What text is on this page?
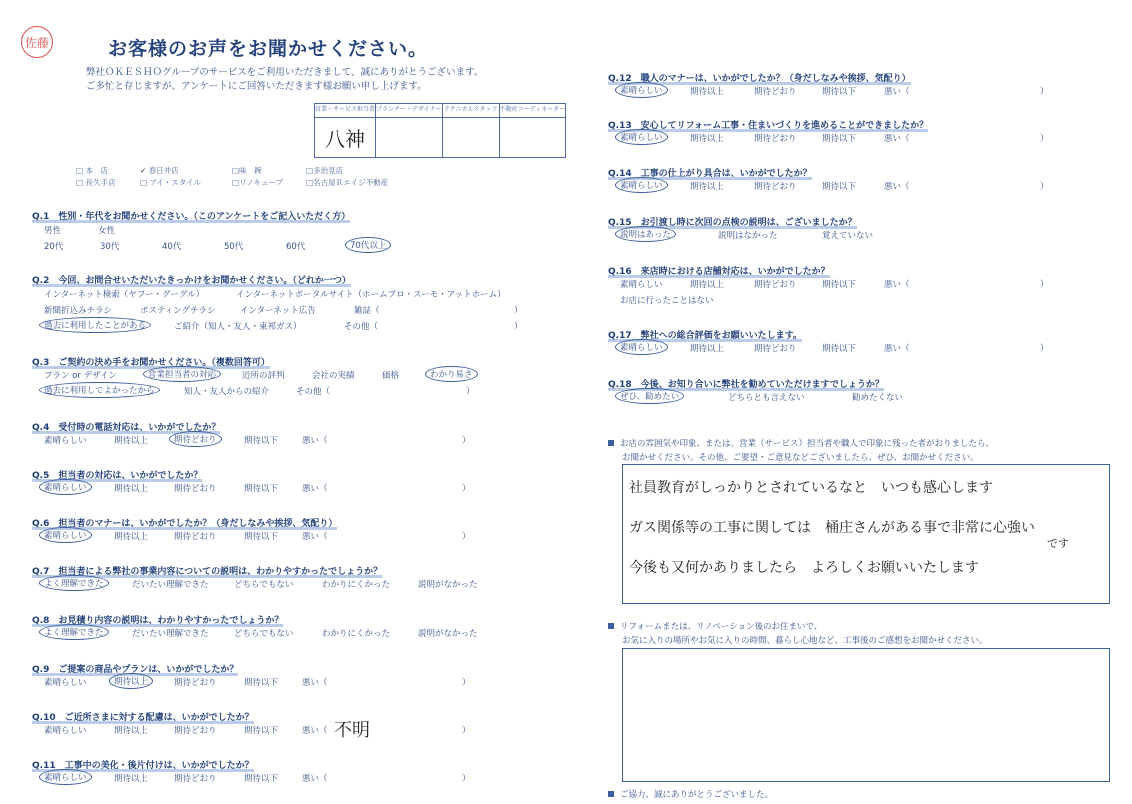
佐藤	お客様のお声をお聞かせください。
弊社ＯＫＥＳＨＯグループのサービスをご利用いただきまして、誠にありがとうございます。
ご多忙と存じますが、アンケートにご回答いただきます様お願い申し上げます。
営業・サービス担当者	プランナー・デザイナー	テクニカルスタッフ	不動産コーディネーター
八神			
□ 本　店	✓ 春日井店	□味　鋺	□多治見店
□ 長久手店	□ アイ・スタイル	□リノキューブ	□名古屋Ｒエイジ不動産
Q.1　性別・年代をお聞かせください。（このアンケートをご記入いただく方）
男性	女性
20代	30代	40代	50代	60代	70代以上
Q.2　今回、お問合せいただいたきっかけをお聞かせください。（どれか一つ）
インターネット検索（ヤフー・グーグル）	インターネットポータルサイト（ホームプロ・スーモ・アットホーム）
新聞折込みチラシ	ポスティングチラシ	インターネット広告	雑誌（	）
過去に利用したことがある	ご紹介（知人・友人・東邦ガス）	その他（	）
Q.3　ご契約の決め手をお聞かせください。（複数回答可）
プラン or デザイン	営業担当者の対応	近所の評判	会社の実績	価格	わかり易さ
過去に利用してよかったから	知人・友人からの紹介	その他（	）
Q.4　受付時の電話対応は、いかがでしたか？
素晴らしい	期待以上	期待どおり	期待以下	悪い（	）
Q.5　担当者の対応は、いかがでしたか？
素晴らしい	期待以上	期待どおり	期待以下	悪い（	）
Q.6　担当者のマナーは、いかがでしたか？（身だしなみや挨拶、気配り）
素晴らしい	期待以上	期待どおり	期待以下	悪い（	）
Q.7　担当者による弊社の事業内容についての説明は、わかりやすかったでしょうか？
よく理解できた	だいたい理解できた	どちらでもない	わかりにくかった	説明がなかった
Q.8　お見積り内容の説明は、わかりやすかったでしょうか？
よく理解できた	だいたい理解できた	どちらでもない	わかりにくかった	説明がなかった
Q.9　ご提案の商品やプランは、いかがでしたか？
素晴らしい	期待以上	期待どおり	期待以下	悪い（	）
Q.10　ご近所さまに対する配慮は、いかがでしたか？
素晴らしい	期待以上	期待どおり	期待以下	悪い（ 不明	）
Q.11　工事中の美化・後片付けは、いかがでしたか？
素晴らしい	期待以上	期待どおり	期待以下	悪い（	）
Q.12　職人のマナーは、いかがでしたか？（身だしなみや挨拶、気配り）
素晴らしい	期待以上	期待どおり	期待以下	悪い（	）
Q.13　安心してリフォーム工事・住まいづくりを進めることができましたか？
素晴らしい	期待以上	期待どおり	期待以下	悪い（	）
Q.14　工事の仕上がり具合は、いかがでしたか？
素晴らしい	期待以上	期待どおり	期待以下	悪い（	）
Q.15　お引渡し時に次回の点検の説明は、ございましたか？
説明はあった	説明はなかった	覚えていない
Q.16　来店時における店舗対応は、いかがでしたか？
素晴らしい	期待以上	期待どおり	期待以下	悪い（	）
お店に行ったことはない
Q.17　弊社への総合評価をお願いいたします。
素晴らしい	期待以上	期待どおり	期待以下	悪い（	）
Q.18　今後、お知り合いに弊社を勧めていただけますでしょうか？
ぜひ、勧めたい	どちらとも言えない	勧めたくない
お店の雰囲気や印象、または、営業（サービス）担当者や職人で印象に残った者がおりましたら、
お聞かせください。その他、ご要望・ご意見などございましたら、ぜひ、お聞かせください。
社員教育がしっかりとされているなと　いつも感心します
ガス関係等の工事に関しては　桶庄さんがある事で非常に心強い
です
今後も又何かありましたら　よろしくお願いいたします
リフォームまたは、リノベーション後のお住まいで、
お気に入りの場所やお気に入りの時間、暮らし心地など、工事後のご感想をお聞かせください。
ご協力、誠にありがとうございました。
